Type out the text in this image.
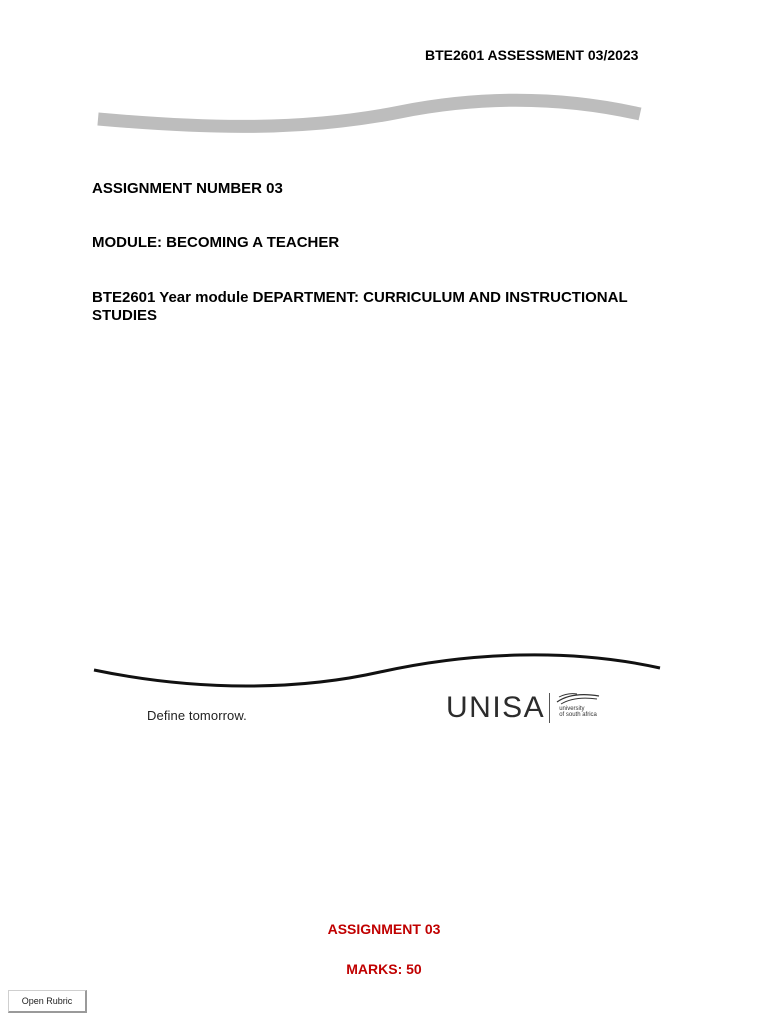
BTE2601 ASSESSMENT 03/2023
ASSIGNMENT NUMBER 03
MODULE: BECOMING A TEACHER
BTE2601 Year module DEPARTMENT: CURRICULUM AND INSTRUCTIONAL STUDIES
Define tomorrow.	UNISA university
of south africa
ASSIGNMENT 03
MARKS: 50
Open Rubric
